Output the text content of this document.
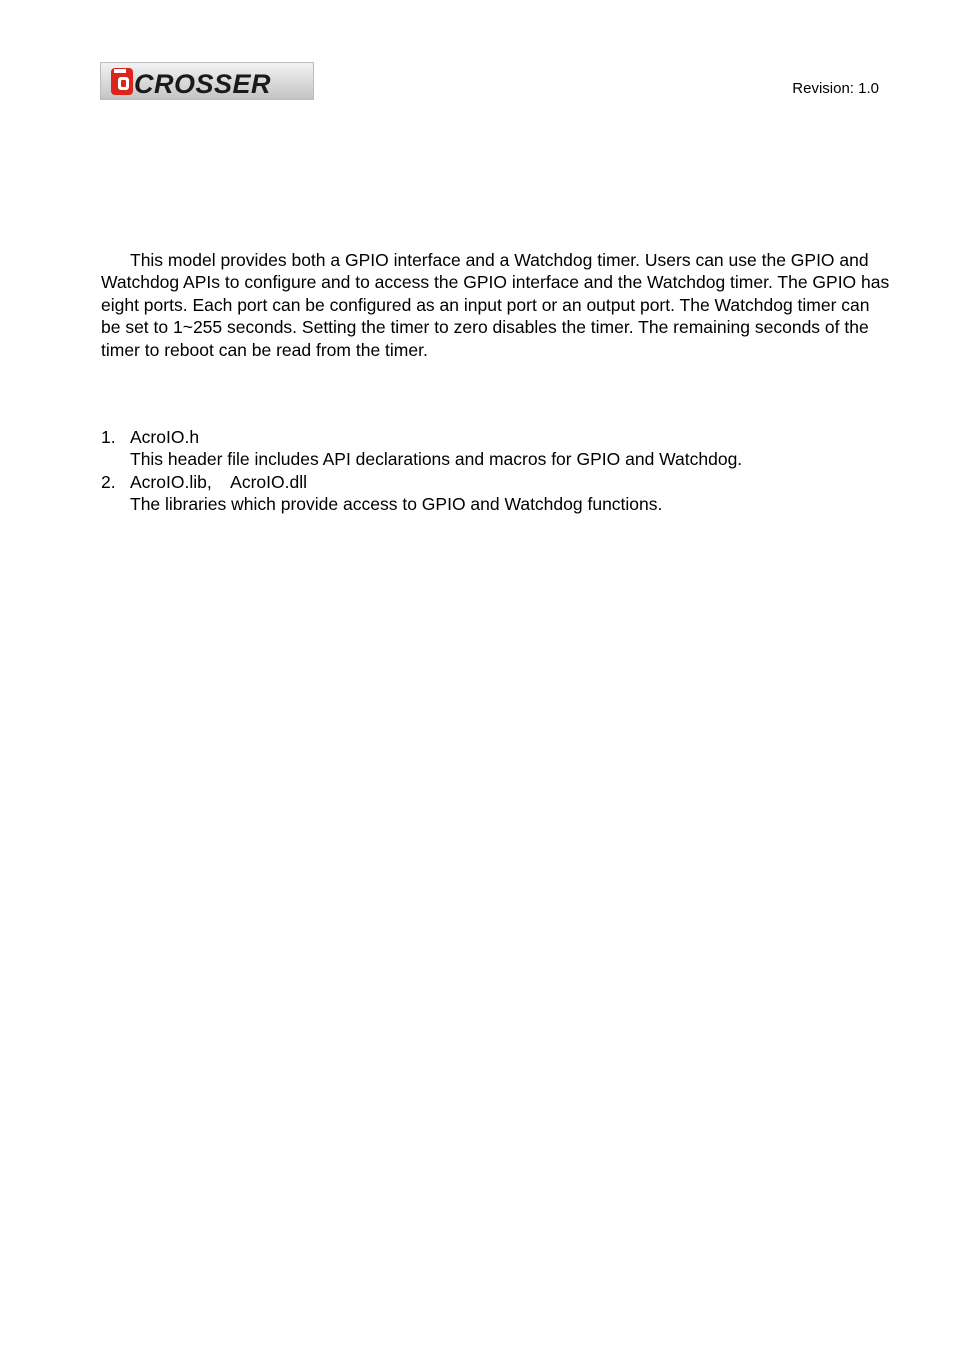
CROSSER	Revision: 1.0

This model provides both a GPIO interface and a Watchdog timer. Users can use the GPIO and Watchdog APIs to configure and to access the GPIO interface and the Watchdog timer. The GPIO has eight ports. Each port can be configured as an input port or an output port. The Watchdog timer can be set to 1~255 seconds. Setting the timer to zero disables the timer. The remaining seconds of the timer to reboot can be read from the timer.

1. AcroIO.h
This header file includes API declarations and macros for GPIO and Watchdog.
2. AcroIO.lib,    AcroIO.dll
The libraries which provide access to GPIO and Watchdog functions.
